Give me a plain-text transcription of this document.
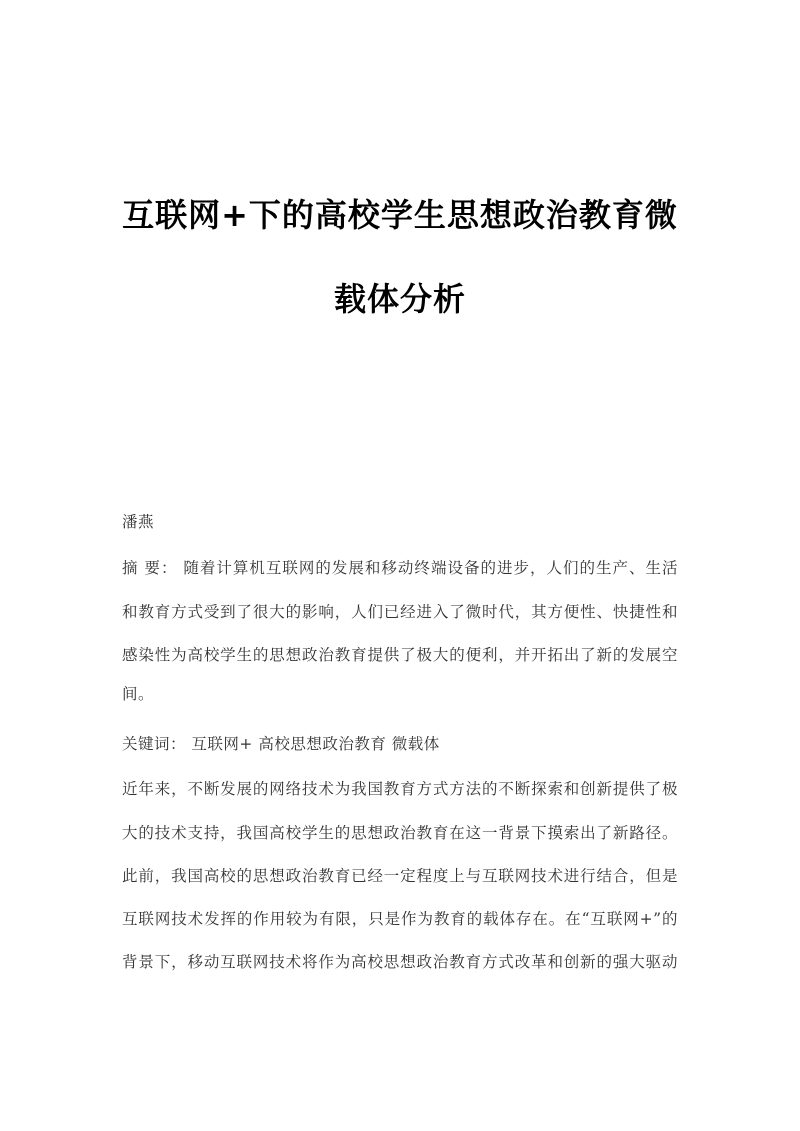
互联网+下的高校学生思想政治教育微
载体分析
潘燕
摘 要： 随着计算机互联网的发展和移动终端设备的进步，人们的生产、生活
和教育方式受到了很大的影响，人们已经进入了微时代，其方便性、快捷性和
感染性为高校学生的思想政治教育提供了极大的便利，并开拓出了新的发展空
间。
关键词： 互联网+ 高校思想政治教育 微载体
近年来，不断发展的网络技术为我国教育方式方法的不断探索和创新提供了极
大的技术支持，我国高校学生的思想政治教育在这一背景下摸索出了新路径。
此前，我国高校的思想政治教育已经一定程度上与互联网技术进行结合，但是
互联网技术发挥的作用较为有限，只是作为教育的载体存在。在“互联网+”的
背景下，移动互联网技术将作为高校思想政治教育方式改革和创新的强大驱动
